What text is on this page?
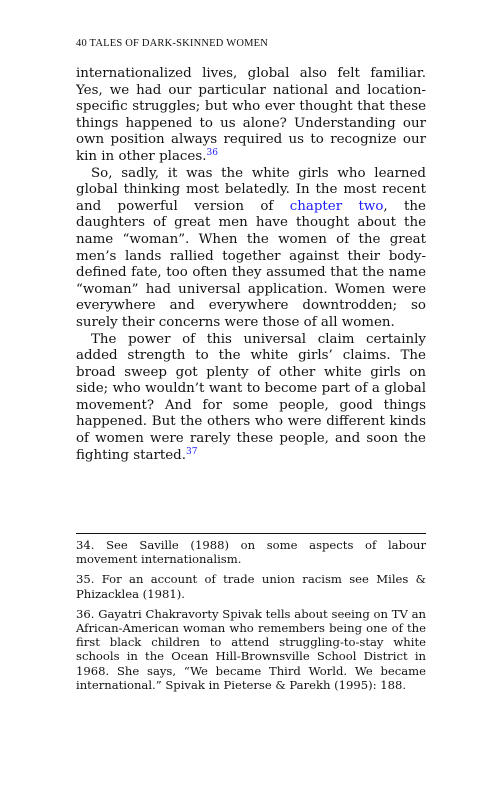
40 TALES OF DARK-SKINNED WOMEN

internationalized lives, global also felt familiar. Yes, we had our particular national and location-specific struggles; but who ever thought that these things happened to us alone? Understanding our own position always required us to recognize our kin in other places.$^{36}$

So, sadly, it was the white girls who learned global thinking most belatedly. In the most recent and powerful version of chapter two, the daughters of great men have thought about the name “woman”. When the women of the great men’s lands rallied together against their body-defined fate, too often they assumed that the name “woman” had universal application. Women were everywhere and everywhere downtrodden; so surely their concerns were those of all women.

The power of this universal claim certainly added strength to the white girls’ claims. The broad sweep got plenty of other white girls on side; who wouldn’t want to become part of a global movement? And for some people, good things happened. But the others who were different kinds of women were rarely these people, and soon the fighting started.$^{37}$

34. See Saville (1988) on some aspects of labour movement internationalism.

35. For an account of trade union racism see Miles & Phizacklea (1981).

36. Gayatri Chakravorty Spivak tells about seeing on TV an African-American woman who remembers being one of the first black children to attend struggling-to-stay white schools in the Ocean Hill-Brownsville School District in 1968. She says, “We became Third World. We became international.” Spivak in Pieterse & Parekh (1995): 188.
